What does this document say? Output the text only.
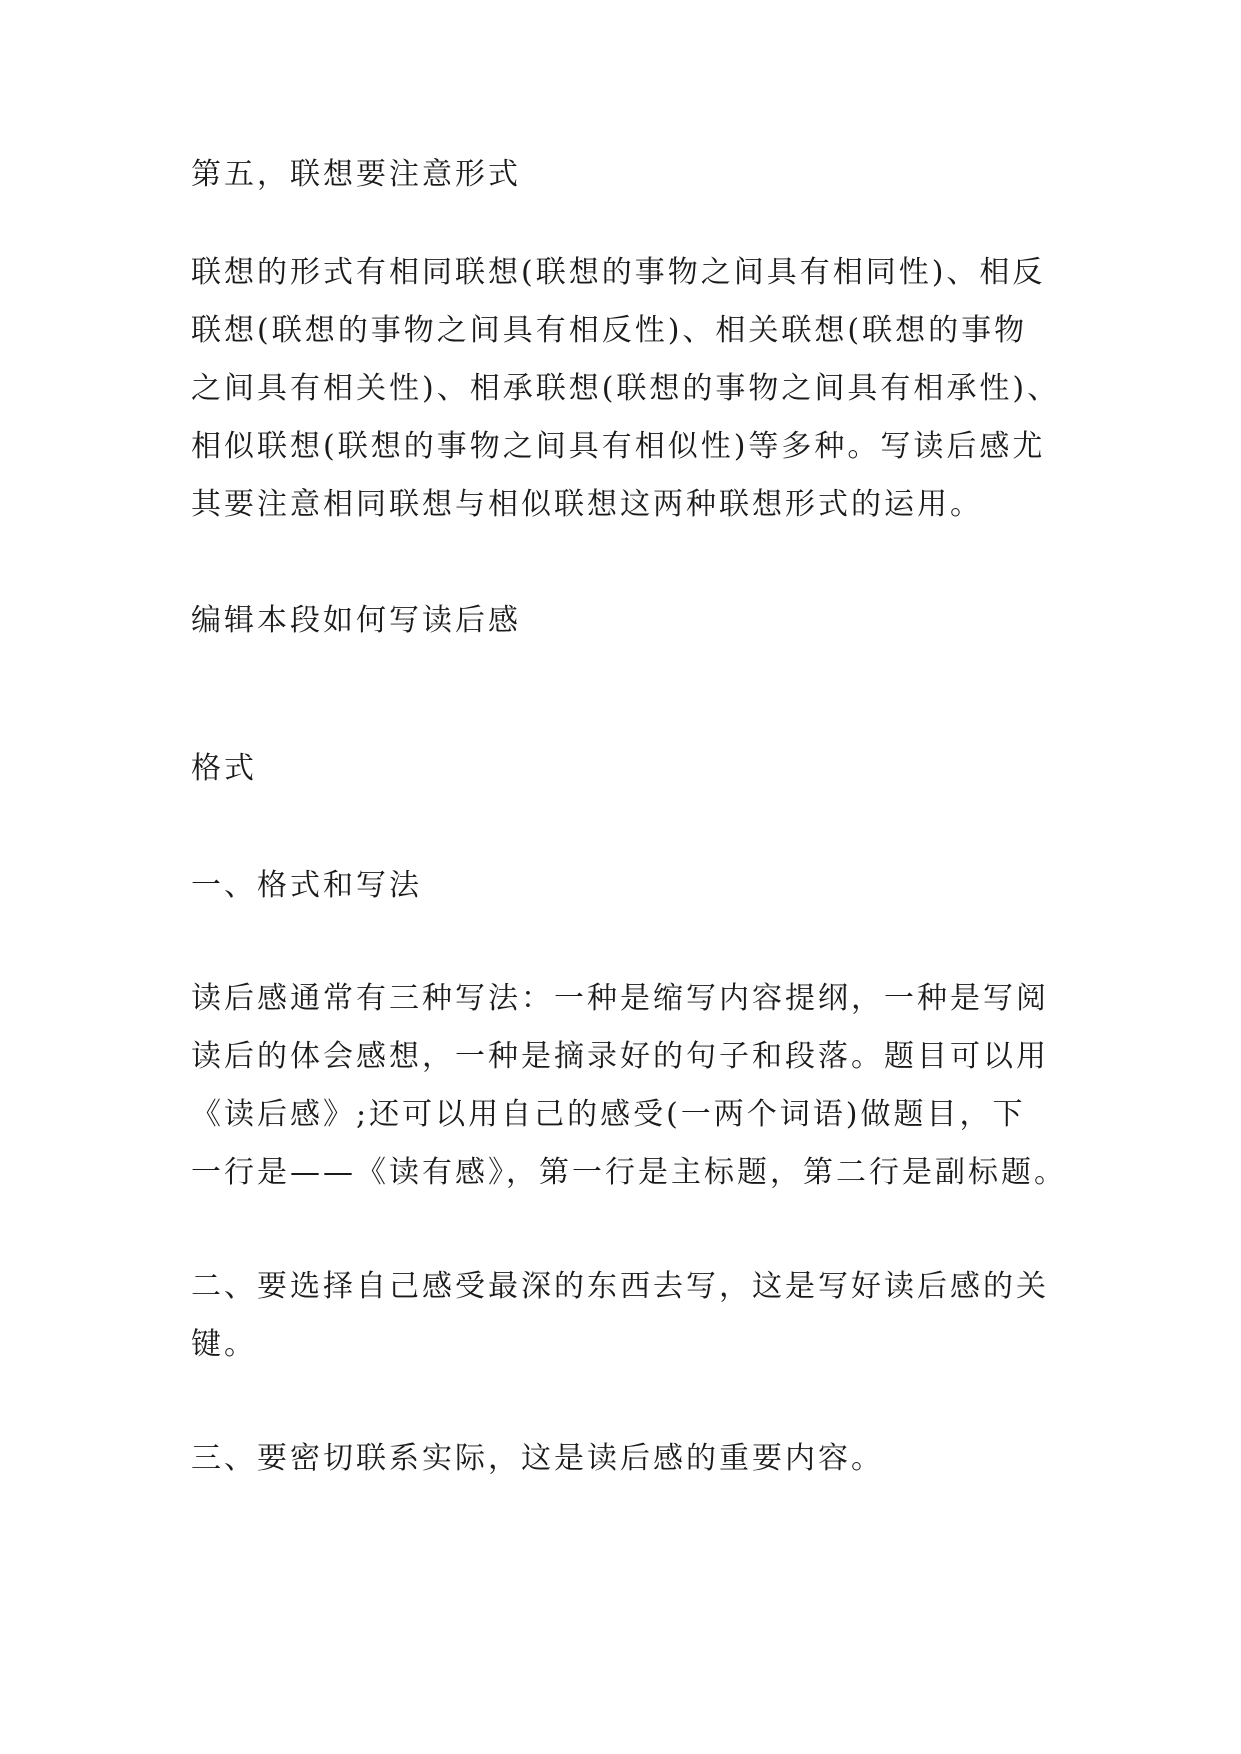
第五，联想要注意形式

联想的形式有相同联想(联想的事物之间具有相同性)、相反
联想(联想的事物之间具有相反性)、相关联想(联想的事物
之间具有相关性)、相承联想(联想的事物之间具有相承性)、
相似联想(联想的事物之间具有相似性)等多种。写读后感尤
其要注意相同联想与相似联想这两种联想形式的运用。

编辑本段如何写读后感

格式

一、格式和写法

读后感通常有三种写法：一种是缩写内容提纲，一种是写阅
读后的体会感想，一种是摘录好的句子和段落。题目可以用
《读后感》;还可以用自己的感受(一两个词语)做题目，下
一行是——《读有感》，第一行是主标题，第二行是副标题。

二、要选择自己感受最深的东西去写，这是写好读后感的关
键。

三、要密切联系实际，这是读后感的重要内容。
